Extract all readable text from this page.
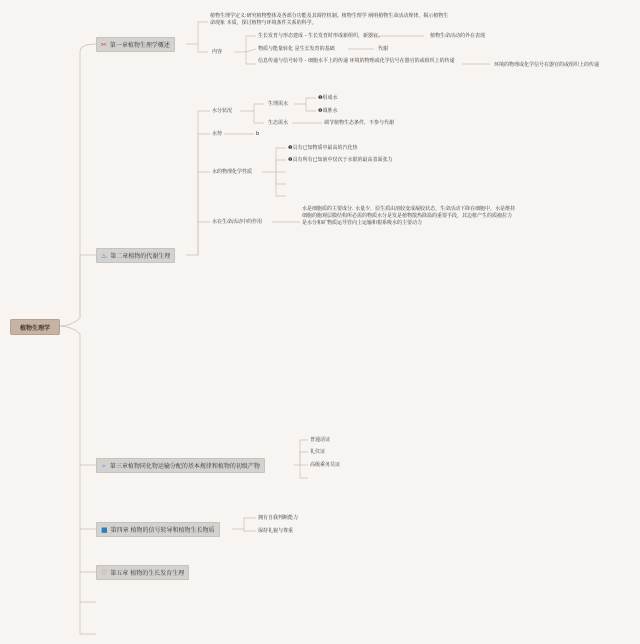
植物生理学
✂ 第一章植物生理学概述
♨ 第二章植物的代谢生理
➢ 第三章植物同化物运输分配的基本规律和植物的初级产物
■ 第四章 植物的信号转导和植物生长物质
♡ 第五章 植物的生长发育生理
植物生理学定义:研究植物整体及各部分功能及其调控机制。植物生理学 阐明植物生命活动规律，揭示植物生命现象 本质，探讨植物与环境条件关系的科学。
内容
生长发育与形态建成 - 生长发育时形成新组织，新器官。	植物生命活动的外在表现
物质与能量转化 是生长发育的基础	代谢
信息传递与信号转导 - 细胞水平上的传递 环境的物理或化学信号在器官的或组织上的传递
环境的物理或化学信号在器官的或组织上的传递
水分状况
生理需水
❶组成水
❷调胜水
生态需水	调节植物生态条件，不参与代谢
水势	b
水的物理化学性质
❶具有已知物质中最高的汽化热
❷具有所有已知液中仅次于水银的最高表面张力
水在生命活动中的作用
水是细胞质的主要成分. 水量少，原生质由溶胶变成凝胶状态，生命活动下降在细胞中，水是维持细胞的胞观层膜结构所必需的物质水分是发是植物散热降温的重要手段，其边框产生的质瘤拉力是水分和矿物质运导管向上运输和根系吸水的主要动力
普通话证
礼仪证
高级乘务员证
拥有自我判断能力
保持礼貌与尊重
